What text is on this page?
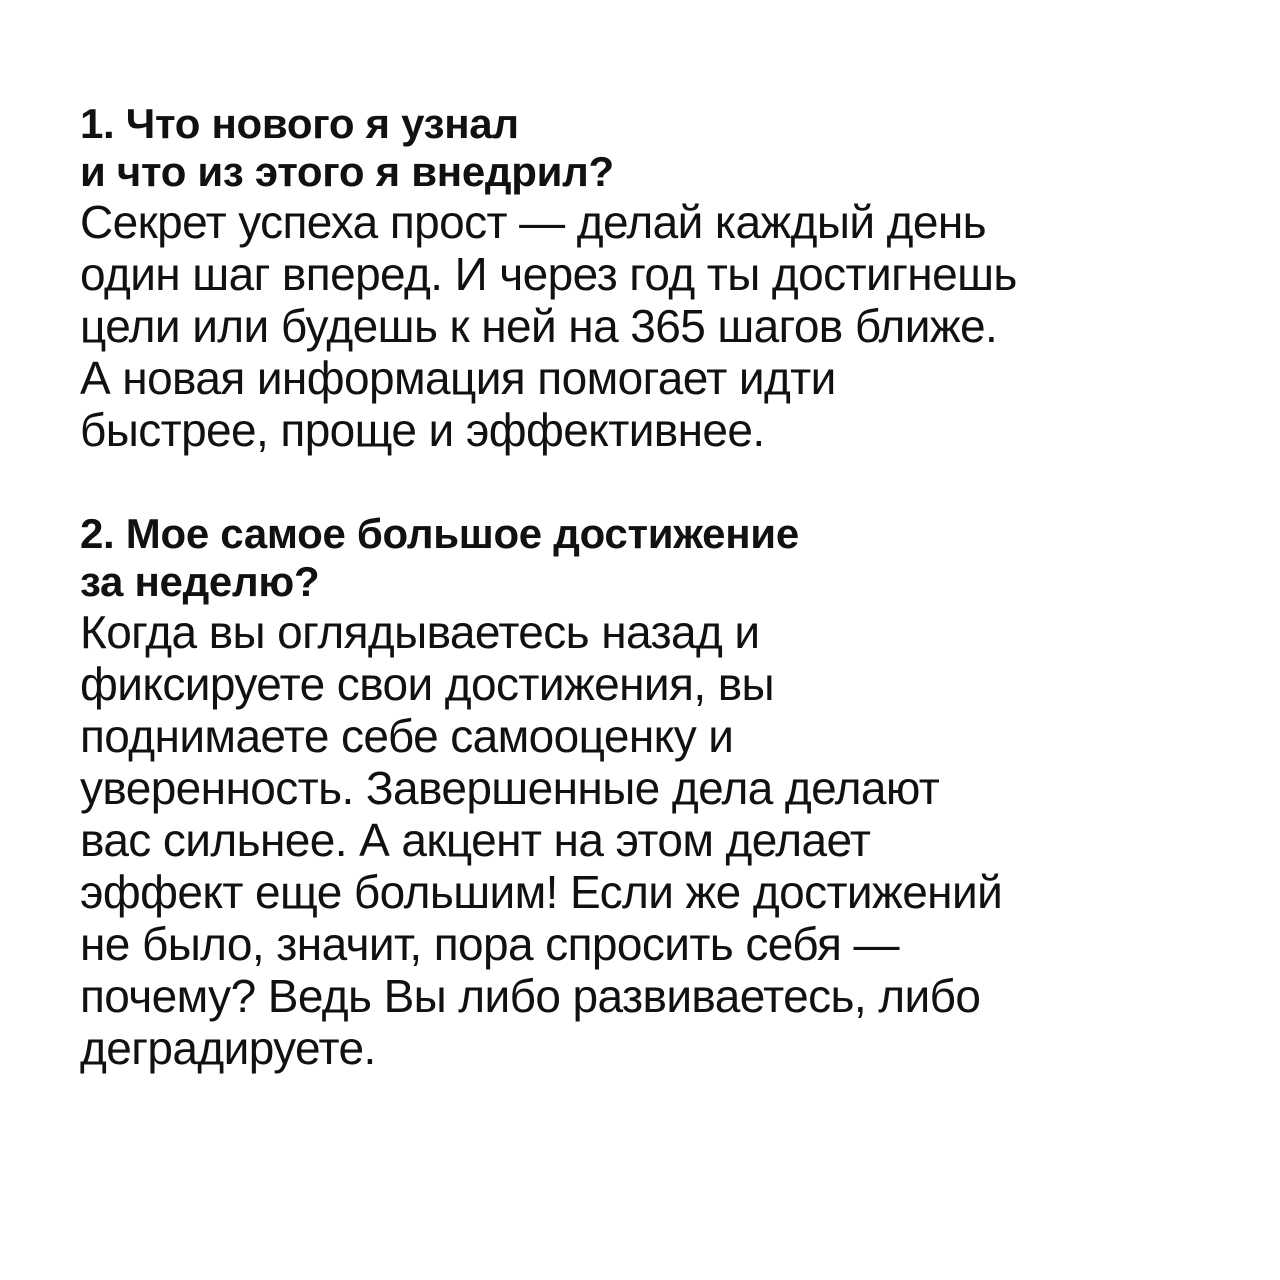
1. Что нового я узнал
и что из этого я внедрил?

Секрет успеха прост — делай каждый день
один шаг вперед. И через год ты достигнешь
цели или будешь к ней на 365 шагов ближе.
А новая информация помогает идти
быстрее, проще и эффективнее.

2. Мое самое большое достижение
за неделю?

Когда вы оглядываетесь назад и
фиксируете свои достижения, вы
поднимаете себе самооценку и
уверенность. Завершенные дела делают
вас сильнее. А акцент на этом делает
эффект еще большим! Если же достижений
не было, значит, пора спросить себя —
почему? Ведь Вы либо развиваетесь, либо
деградируете.
